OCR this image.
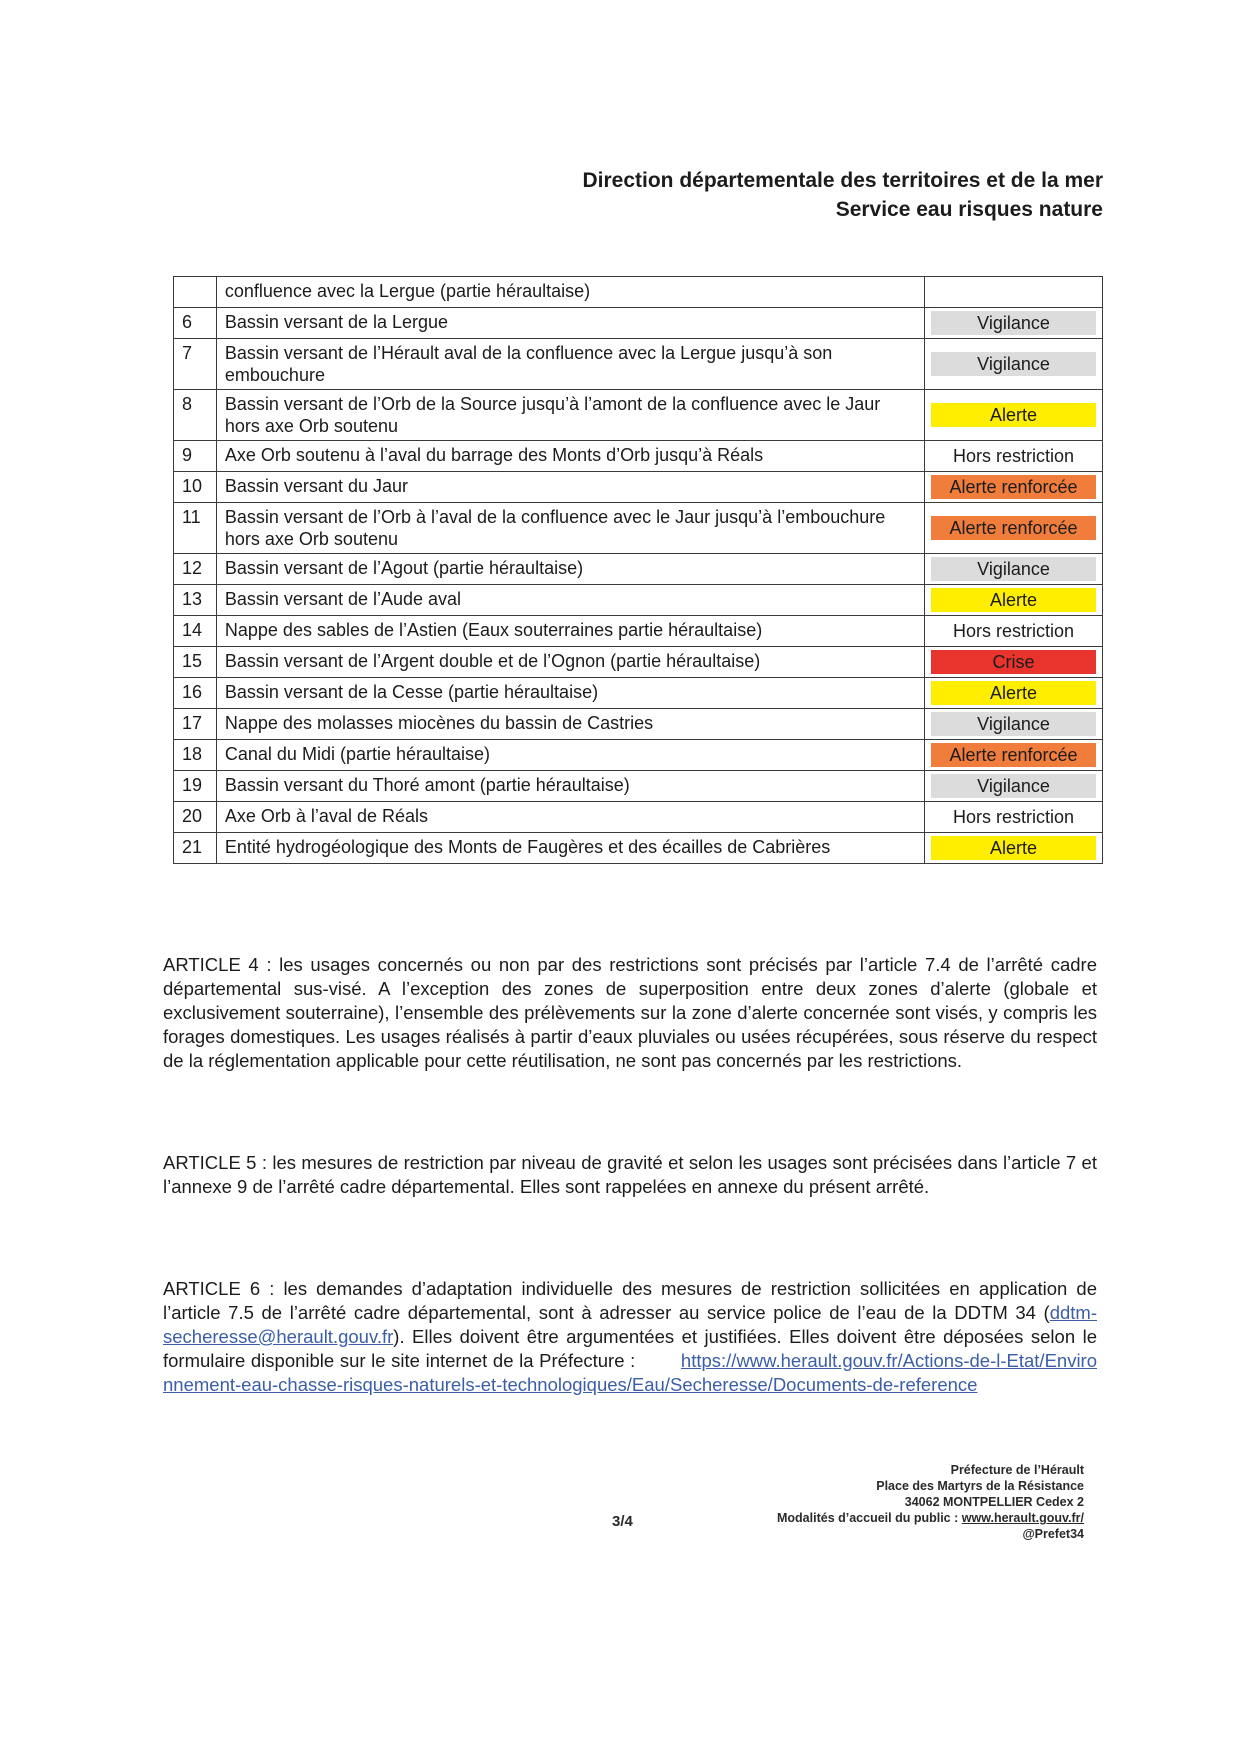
Direction départementale des territoires et de la mer
Service eau risques nature
	confluence avec la Lergue (partie héraultaise)	

6	Bassin versant de la Lergue	Vigilance

7	Bassin versant de l’Hérault aval de la confluence avec la Lergue jusqu’à son embouchure	Vigilance

8	Bassin versant de l’Orb de la Source jusqu’à l’amont de la confluence avec le Jaur hors axe Orb soutenu	Alerte

9	Axe Orb soutenu à l’aval du barrage des Monts d’Orb jusqu’à Réals	Hors restriction

10	Bassin versant du Jaur	Alerte renforcée

11	Bassin versant de l’Orb à l’aval de la confluence avec le Jaur jusqu’à l’embouchure hors axe Orb soutenu	Alerte renforcée

12	Bassin versant de l’Agout (partie héraultaise)	Vigilance

13	Bassin versant de l’Aude aval	Alerte

14	Nappe des sables de l’Astien (Eaux souterraines partie héraultaise)	Hors restriction

15	Bassin versant de l’Argent double et de l’Ognon (partie héraultaise)	Crise

16	Bassin versant de la Cesse (partie héraultaise)	Alerte

17	Nappe des molasses miocènes du bassin de Castries	Vigilance

18	Canal du Midi (partie héraultaise)	Alerte renforcée

19	Bassin versant du Thoré amont (partie héraultaise)	Vigilance

20	Axe Orb à l’aval de Réals	Hors restriction

21	Entité hydrogéologique des Monts de Faugères et des écailles de Cabrières	Alerte
ARTICLE 4 : les usages concernés ou non par des restrictions sont précisés par l’article 7.4 de l’arrêté cadre départemental sus-visé. A l’exception des zones de superposition entre deux zones d’alerte (globale et exclusivement souterraine), l’ensemble des prélèvements sur la zone d’alerte concernée sont visés, y compris les forages domestiques. Les usages réalisés à partir d’eaux pluviales ou usées récupérées, sous réserve du respect de la réglementation applicable pour cette réutilisation, ne sont pas concernés par les restrictions.
ARTICLE 5 : les mesures de restriction par niveau de gravité et selon les usages sont précisées dans l’article 7 et l’annexe 9 de l’arrêté cadre départemental. Elles sont rappelées en annexe du présent arrêté.
ARTICLE 6 : les demandes d’adaptation individuelle des mesures de restriction sollicitées en application de l’article 7.5 de l’arrêté cadre départemental, sont à adresser au service police de l’eau de la DDTM 34 (ddtm-secheresse@herault.gouv.fr). Elles doivent être argumentées et justifiées. Elles doivent être déposées selon le formulaire disponible sur le site internet de la Préfecture : https://www.herault.gouv.fr/Actions-de-l-Etat/Environnement-eau-chasse-risques-naturels-et-technologiques/Eau/Secheresse/Documents-de-reference
Préfecture de l’Hérault
Place des Martyrs de la Résistance
34062 MONTPELLIER Cedex 2
Modalités d’accueil du public : www.herault.gouv.fr/
@Prefet34
3/4
